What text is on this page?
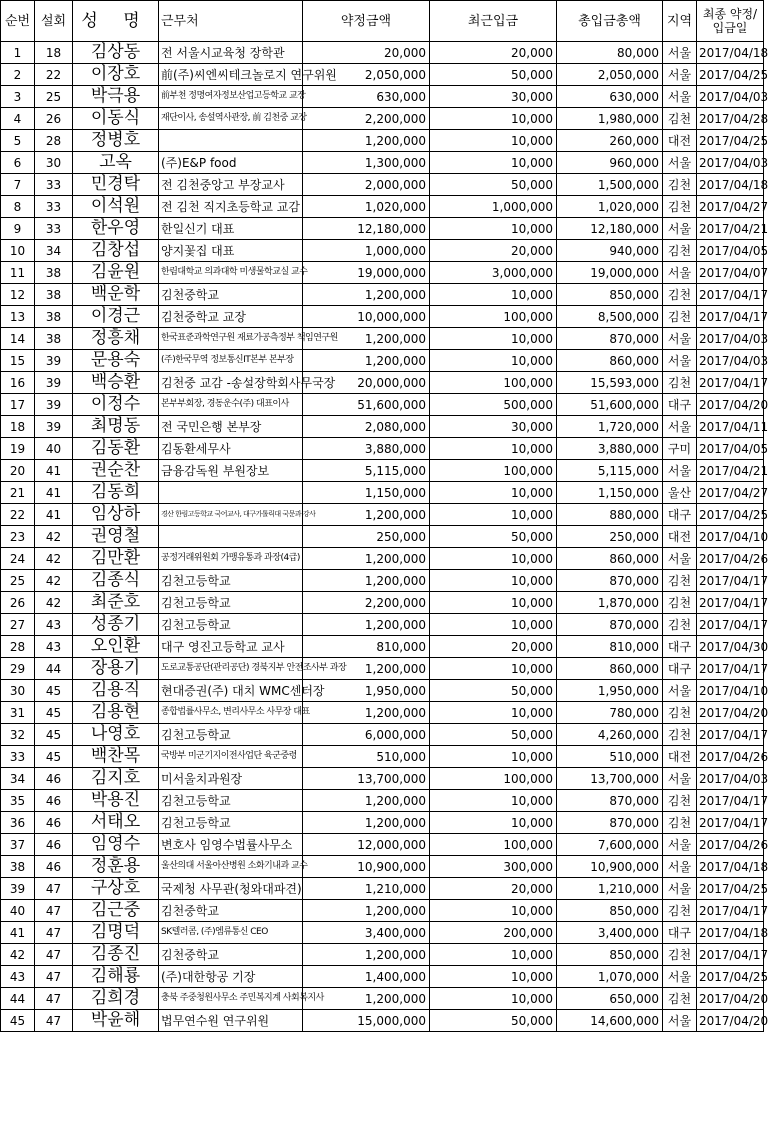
순번	설회	성 명	근무처	약정금액	최근입금	총입금총액	지역	최종 약정/입금일
1	18	김상동	전 서울시교육청 장학관	20,000	20,000	80,000	서울	2017/04/18
2	22	이장호	前(주)씨엔씨테크놀로지 연구위원	2,050,000	50,000	2,050,000	서울	2017/04/25
3	25	박극용	前부천 정명여자정보산업고등학교 교장	630,000	30,000	630,000	서울	2017/04/03
4	26	이동식	재단이사, 송설역사관장, 前 김천중 교장	2,200,000	10,000	1,980,000	김천	2017/04/28
5	28	정병호		1,200,000	10,000	260,000	대전	2017/04/25
6	30	고옥	(주)E&P food	1,300,000	10,000	960,000	서울	2017/04/03
7	33	민경탁	전 김천중앙고 부장교사	2,000,000	50,000	1,500,000	김천	2017/04/18
8	33	이석원	전 김천 직지초등학교 교감	1,020,000	1,000,000	1,020,000	김천	2017/04/27
9	33	한우영	한일신기 대표	12,180,000	10,000	12,180,000	서울	2017/04/21
10	34	김창섭	양지꽃집 대표	1,000,000	20,000	940,000	김천	2017/04/05
11	38	김윤원	한림대학교 의과대학 미생물학교실 교수	19,000,000	3,000,000	19,000,000	서울	2017/04/07
12	38	백운학	김천중학교	1,200,000	10,000	850,000	김천	2017/04/17
13	38	이경근	김천중학교 교장	10,000,000	100,000	8,500,000	김천	2017/04/17
14	38	정흥채	한국표준과학연구원 재료가공측정부 책임연구원	1,200,000	10,000	870,000	서울	2017/04/03
15	39	문용숙	(주)한국무역 정보통신IT본부 본부장	1,200,000	10,000	860,000	서울	2017/04/03
16	39	백승환	김천중 교감 -송설장학회사무국장	20,000,000	100,000	15,593,000	김천	2017/04/17
17	39	이정수	본부부회장, 경동운수(주) 대표이사	51,600,000	500,000	51,600,000	대구	2017/04/20
18	39	최명동	전 국민은행 본부장	2,080,000	30,000	1,720,000	서울	2017/04/11
19	40	김동환	김동환세무사	3,880,000	10,000	3,880,000	구미	2017/04/05
20	41	권순찬	금융감독원 부원장보	5,115,000	100,000	5,115,000	서울	2017/04/21
21	41	김동희		1,150,000	10,000	1,150,000	울산	2017/04/27
22	41	임상하	경산 한림고등학교 국어교사, 대구가톨릭대 국문과 강사	1,200,000	10,000	880,000	대구	2017/04/25
23	42	권영철		250,000	50,000	250,000	대전	2017/04/10
24	42	김만환	공정거래위원회 가맹유통과 과장(4급)	1,200,000	10,000	860,000	서울	2017/04/26
25	42	김종식	김천고등학교	1,200,000	10,000	870,000	김천	2017/04/17
26	42	최준호	김천고등학교	2,200,000	10,000	1,870,000	김천	2017/04/17
27	43	성종기	김천고등학교	1,200,000	10,000	870,000	김천	2017/04/17
28	43	오인환	대구 영진고등학교 교사	810,000	20,000	810,000	대구	2017/04/30
29	44	장용기	도로교통공단(관리공단) 경북지부 안전조사부 과장	1,200,000	10,000	860,000	대구	2017/04/17
30	45	김용직	현대증권(주) 대치 WMC센터장	1,950,000	50,000	1,950,000	서울	2017/04/10
31	45	김용현	종합법률사무소, 변리사무소 사무장 대표	1,200,000	10,000	780,000	김천	2017/04/20
32	45	나영호	김천고등학교	6,000,000	50,000	4,260,000	김천	2017/04/17
33	45	백찬목	국방부 미군기지이전사업단 육군중령	510,000	10,000	510,000	대전	2017/04/26
34	46	김지호	미서울치과원장	13,700,000	100,000	13,700,000	서울	2017/04/03
35	46	박용진	김천고등학교	1,200,000	10,000	870,000	김천	2017/04/17
36	46	서태오	김천고등학교	1,200,000	10,000	870,000	김천	2017/04/17
37	46	임영수	변호사 임영수법률사무소	12,000,000	100,000	7,600,000	서울	2017/04/26
38	46	정훈용	울산의대 서울아산병원 소화기내과 교수	10,900,000	300,000	10,900,000	서울	2017/04/18
39	47	구상호	국제청 사무관(청와대파견)	1,210,000	20,000	1,210,000	서울	2017/04/25
40	47	김근중	김천중학교	1,200,000	10,000	850,000	김천	2017/04/17
41	47	김명덕	SK텔러콤, (주)엠류통신 CEO	3,400,000	200,000	3,400,000	대구	2017/04/18
42	47	김종진	김천중학교	1,200,000	10,000	850,000	김천	2017/04/17
43	47	김해룡	(주)대한항공 기장	1,400,000	10,000	1,070,000	서울	2017/04/25
44	47	김희경	충북 주중청원사무소 주민복지계 사회복지사	1,200,000	10,000	650,000	김천	2017/04/20
45	47	박윤해	법무연수원 연구위원	15,000,000	50,000	14,600,000	서울	2017/04/20
